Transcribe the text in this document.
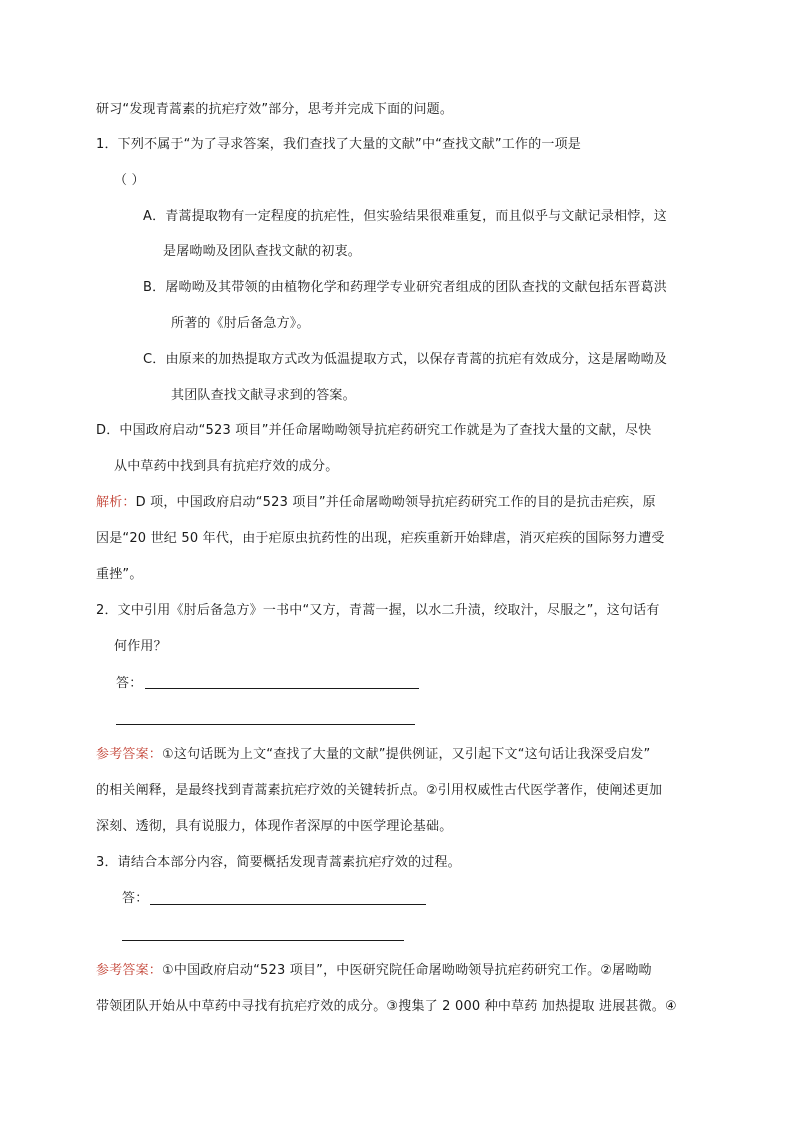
研习“发现青蒿素的抗疟疗效”部分，思考并完成下面的问题。
1．下列不属于“为了寻求答案，我们查找了大量的文献”中“查找文献”工作的一项是
（ ）
A．青蒿提取物有一定程度的抗疟性，但实验结果很难重复，而且似乎与文献记录相悖，这
是屠呦呦及团队查找文献的初衷。
B．屠呦呦及其带领的由植物化学和药理学专业研究者组成的团队查找的文献包括东晋葛洪
所著的《肘后备急方》。
C．由原来的加热提取方式改为低温提取方式，以保存青蒿的抗疟有效成分，这是屠呦呦及
其团队查找文献寻求到的答案。
D．中国政府启动“523 项目”并任命屠呦呦领导抗疟药研究工作就是为了查找大量的文献，尽快
从中草药中找到具有抗疟疗效的成分。
解析：D 项，中国政府启动“523 项目”并任命屠呦呦领导抗疟药研究工作的目的是抗击疟疾，原
因是“20 世纪 50 年代，由于疟原虫抗药性的出现，疟疾重新开始肆虐，消灭疟疾的国际努力遭受
重挫”。
2．文中引用《肘后备急方》一书中“又方，青蒿一握，以水二升渍，绞取汁，尽服之”，这句话有
何作用？
答：
参考答案：①这句话既为上文“查找了大量的文献”提供例证，又引起下文“这句话让我深受启发”
的相关阐释，是最终找到青蒿素抗疟疗效的关键转折点。②引用权威性古代医学著作，使阐述更加
深刻、透彻，具有说服力，体现作者深厚的中医学理论基础。
3．请结合本部分内容，简要概括发现青蒿素抗疟疗效的过程。
答：
参考答案：①中国政府启动“523 项目”，中医研究院任命屠呦呦领导抗疟药研究工作。②屠呦呦
带领团队开始从中草药中寻找有抗疟疗效的成分。③搜集了 2 000 种中草药 加热提取 进展甚微。④
